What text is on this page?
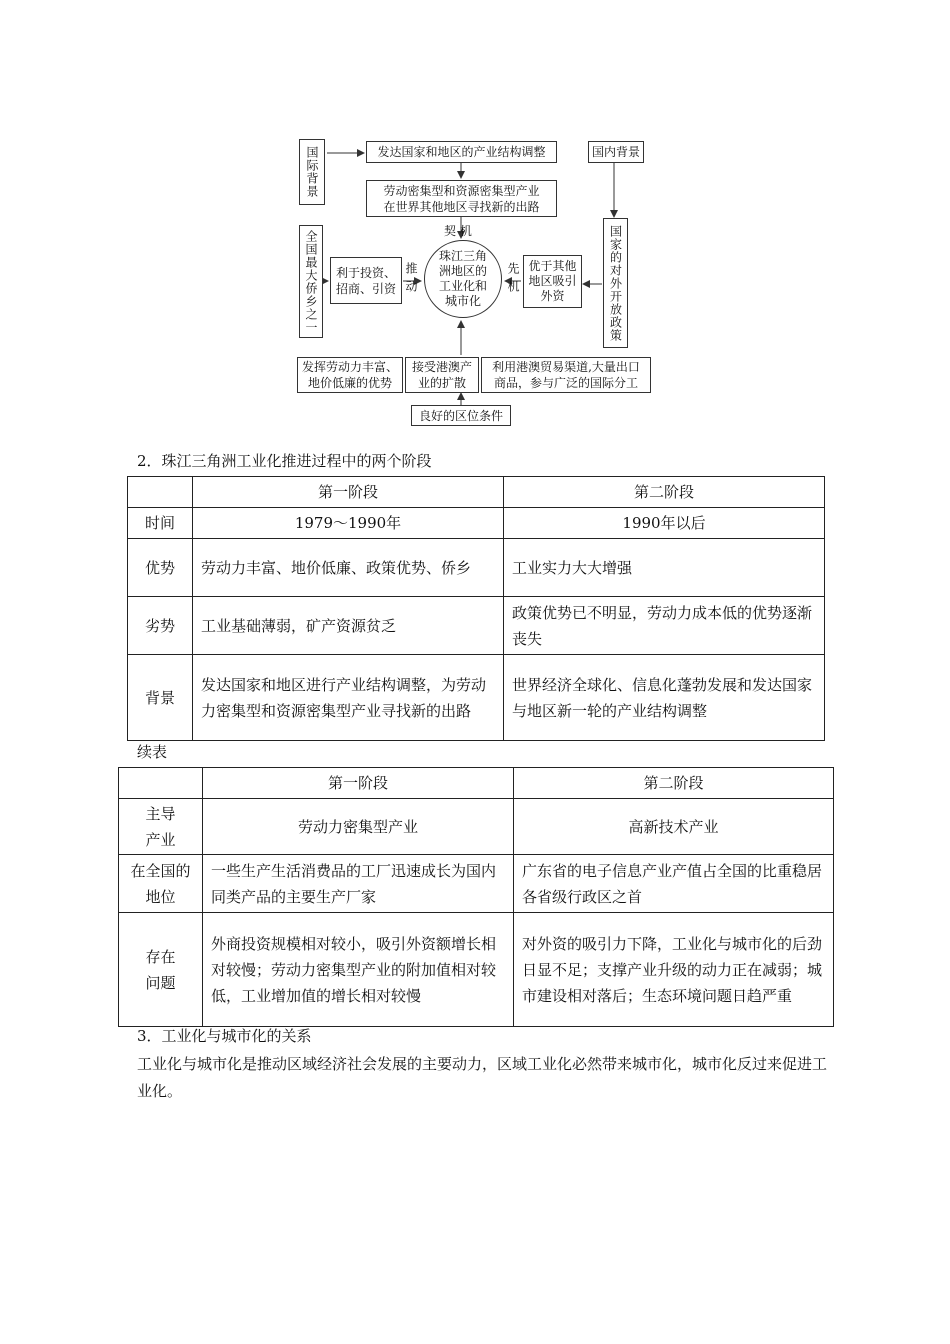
国际背景	发达国家和地区的产业结构调整	国内背景
劳动密集型和资源密集型产业
在世界其他地区寻找新的出路
契 机	国家的对外开放政策
全国最大侨乡之一 利于投资、
招商、引资 推动
珠江三角
洲地区的
工业化和
城市化
先机 优于其他
地区吸引
外资
发挥劳动力丰富、
地价低廉的优势
接受港澳产
业的扩散
利用港澳贸易渠道,大量出口
商品，参与广泛的国际分工
良好的区位条件
2．珠江三角洲工业化推进过程中的两个阶段
	第一阶段	第二阶段
时间	1979～1990年	1990年以后
优势	劳动力丰富、地价低廉、政策优势、侨乡	工业实力大大增强
劣势	工业基础薄弱，矿产资源贫乏	政策优势已不明显，劳动力成本低的优势逐渐丧失
背景	发达国家和地区进行产业结构调整，为劳动力密集型和资源密集型产业寻找新的出路	世界经济全球化、信息化蓬勃发展和发达国家与地区新一轮的产业结构调整
续表
	第一阶段	第二阶段
主导产业	劳动力密集型产业	高新技术产业
在全国的地位	一些生产生活消费品的工厂迅速成长为国内同类产品的主要生产厂家	广东省的电子信息产业产值占全国的比重稳居各省级行政区之首
存在问题	外商投资规模相对较小，吸引外资额增长相对较慢；劳动力密集型产业的附加值相对较低，工业增加值的增长相对较慢	对外资的吸引力下降，工业化与城市化的后劲日显不足；支撑产业升级的动力正在减弱；城市建设相对落后；生态环境问题日趋严重
3．工业化与城市化的关系
工业化与城市化是推动区域经济社会发展的主要动力，区域工业化必然带来城市化，城市化反过来促进工业化。
